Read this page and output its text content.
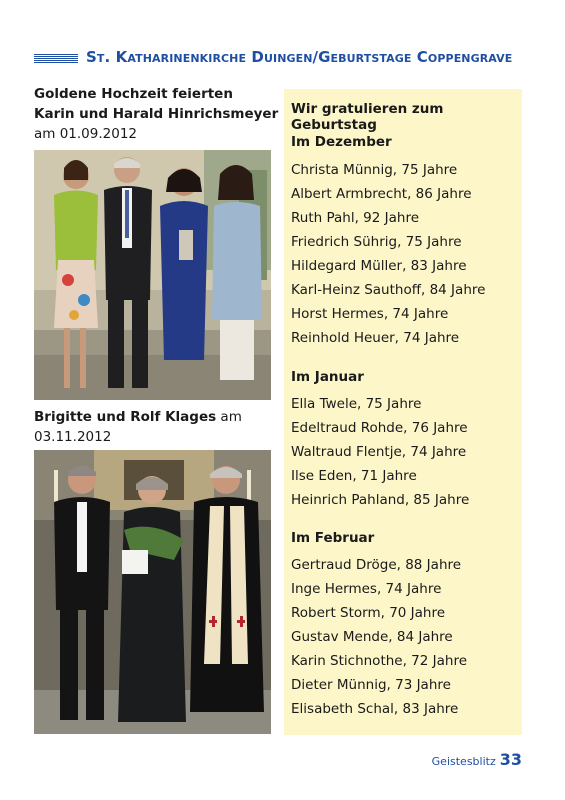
St. Katharinenkirche Duingen/Geburtstage Coppengrave
Goldene Hochzeit feierten
Karin und Harald Hinrichsmeyer
am 01.09.2012
Brigitte und Rolf Klages am
03.11.2012
Wir gratulieren zum Geburtstag
Im Dezember
Christa Münnig, 75 Jahre
Albert Armbrecht, 86 Jahre
Ruth Pahl, 92 Jahre
Friedrich Sührig, 75 Jahre
Hildegard Müller, 83 Jahre
Karl-Heinz Sauthoff, 84 Jahre
Horst Hermes, 74 Jahre
Reinhold Heuer, 74 Jahre
Im Januar
Ella Twele, 75 Jahre
Edeltraud Rohde, 76 Jahre
Waltraud Flentje, 74 Jahre
Ilse Eden, 71 Jahre
Heinrich Pahland, 85 Jahre
Im Februar
Gertraud Dröge, 88 Jahre
Inge Hermes, 74 Jahre
Robert Storm, 70 Jahre
Gustav Mende, 84 Jahre
Karin Stichnothe, 72 Jahre
Dieter Münnig, 73 Jahre
Elisabeth Schal, 83 Jahre
Geistesblitz 33
